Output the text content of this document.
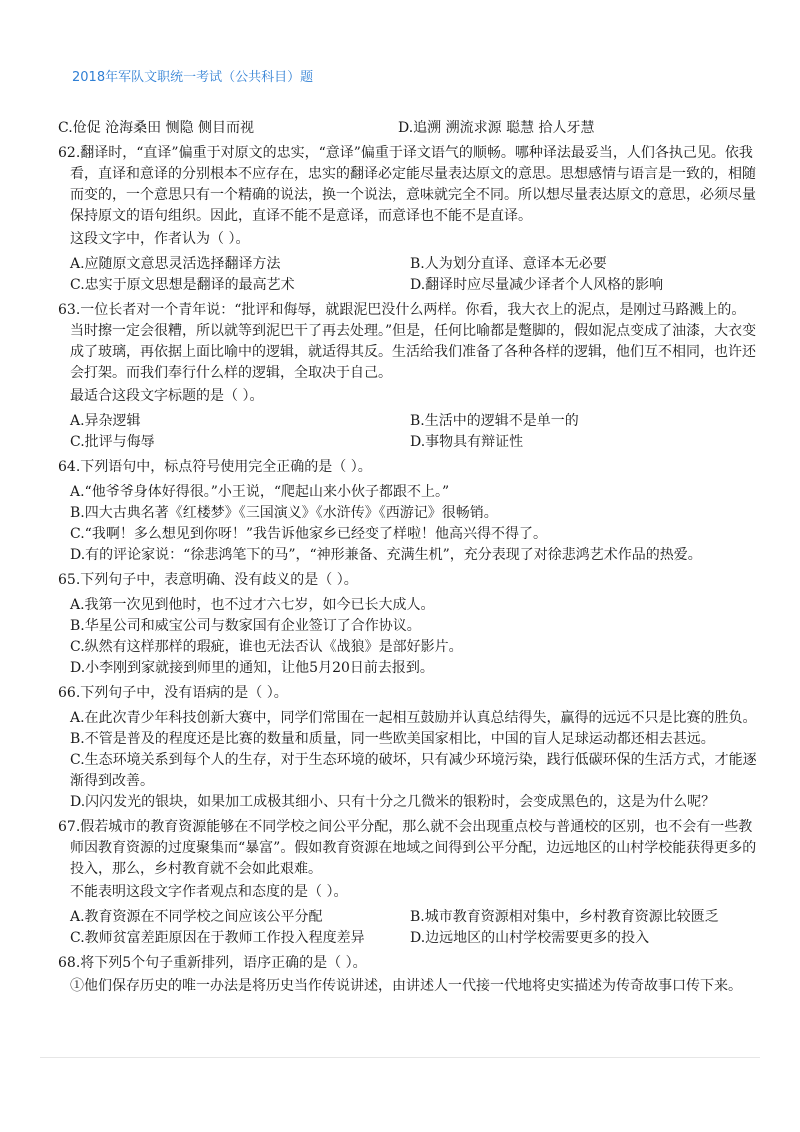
2018年军队文职统一考试（公共科目）题
C.伧促 沧海桑田 恻隐 侧目而视	D.追溯 溯流求源 聪慧 拾人牙慧

62.翻译时，“直译”偏重于对原文的忠实，“意译”偏重于译文语气的顺畅。哪种译法最妥当，人们各执己见。依我看，直译和意译的分别根本不应存在，忠实的翻译必定能尽量表达原文的意思。思想感情与语言是一致的，相随而变的，一个意思只有一个精确的说法，换一个说法，意味就完全不同。所以想尽量表达原文的意思，必须尽量保持原文的语句组织。因此，直译不能不是意译，而意译也不能不是直译。

这段文字中，作者认为（ ）。

A.应随原文意思灵活选择翻译方法	B.人为划分直译、意译本无必要
C.忠实于原文思想是翻译的最高艺术	D.翻译时应尽量减少译者个人风格的影响

63.一位长者对一个青年说：“批评和侮辱，就跟泥巴没什么两样。你看，我大衣上的泥点，是刚过马路溅上的。当时擦一定会很糟，所以就等到泥巴干了再去处理。”但是，任何比喻都是蹩脚的，假如泥点变成了油漆，大衣变成了玻璃，再依据上面比喻中的逻辑，就适得其反。生活给我们准备了各种各样的逻辑，他们互不相同，也许还会打架。而我们奉行什么样的逻辑，全取决于自己。

最适合这段文字标题的是（ ）。

A.异杂逻辑	B.生活中的逻辑不是单一的
C.批评与侮辱	D.事物具有辩证性

64.下列语句中，标点符号使用完全正确的是（ ）。

A.“他爷爷身体好得很。”小王说，“爬起山来小伙子都跟不上。”
B.四大古典名著《红楼梦》《三国演义》《水浒传》《西游记》很畅销。
C.“我啊！多么想见到你呀！”我告诉他家乡已经变了样啦！他高兴得不得了。
D.有的评论家说：“徐悲鸿笔下的马”，“神形兼备、充满生机”，充分表现了对徐悲鸿艺术作品的热爱。

65.下列句子中，表意明确、没有歧义的是（ ）。

A.我第一次见到他时，也不过才六七岁，如今已长大成人。
B.华星公司和威宝公司与数家国有企业签订了合作协议。
C.纵然有这样那样的瑕疵，谁也无法否认《战狼》是部好影片。
D.小李刚到家就接到师里的通知，让他5月20日前去报到。

66.下列句子中，没有语病的是（ ）。

A.在此次青少年科技创新大赛中，同学们常围在一起相互鼓励并认真总结得失，赢得的远远不只是比赛的胜负。
B.不管是普及的程度还是比赛的数量和质量，同一些欧美国家相比，中国的盲人足球运动都还相去甚远。
C.生态环境关系到每个人的生存，对于生态环境的破坏，只有减少环境污染，践行低碳环保的生活方式，才能逐渐得到改善。
D.闪闪发光的银块，如果加工成极其细小、只有十分之几微米的银粉时，会变成黑色的，这是为什么呢？

67.假若城市的教育资源能够在不同学校之间公平分配，那么就不会出现重点校与普通校的区别，也不会有一些教师因教育资源的过度聚集而“暴富”。假如教育资源在地域之间得到公平分配，边远地区的山村学校能获得更多的投入，那么，乡村教育就不会如此艰难。

不能表明这段文字作者观点和态度的是（ ）。

A.教育资源在不同学校之间应该公平分配	B.城市教育资源相对集中，乡村教育资源比较匮乏
C.教师贫富差距原因在于教师工作投入程度差异	D.边远地区的山村学校需要更多的投入

68.将下列5个句子重新排列，语序正确的是（ ）。

①他们保存历史的唯一办法是将历史当作传说讲述，由讲述人一代接一代地将史实描述为传奇故事口传下来。
